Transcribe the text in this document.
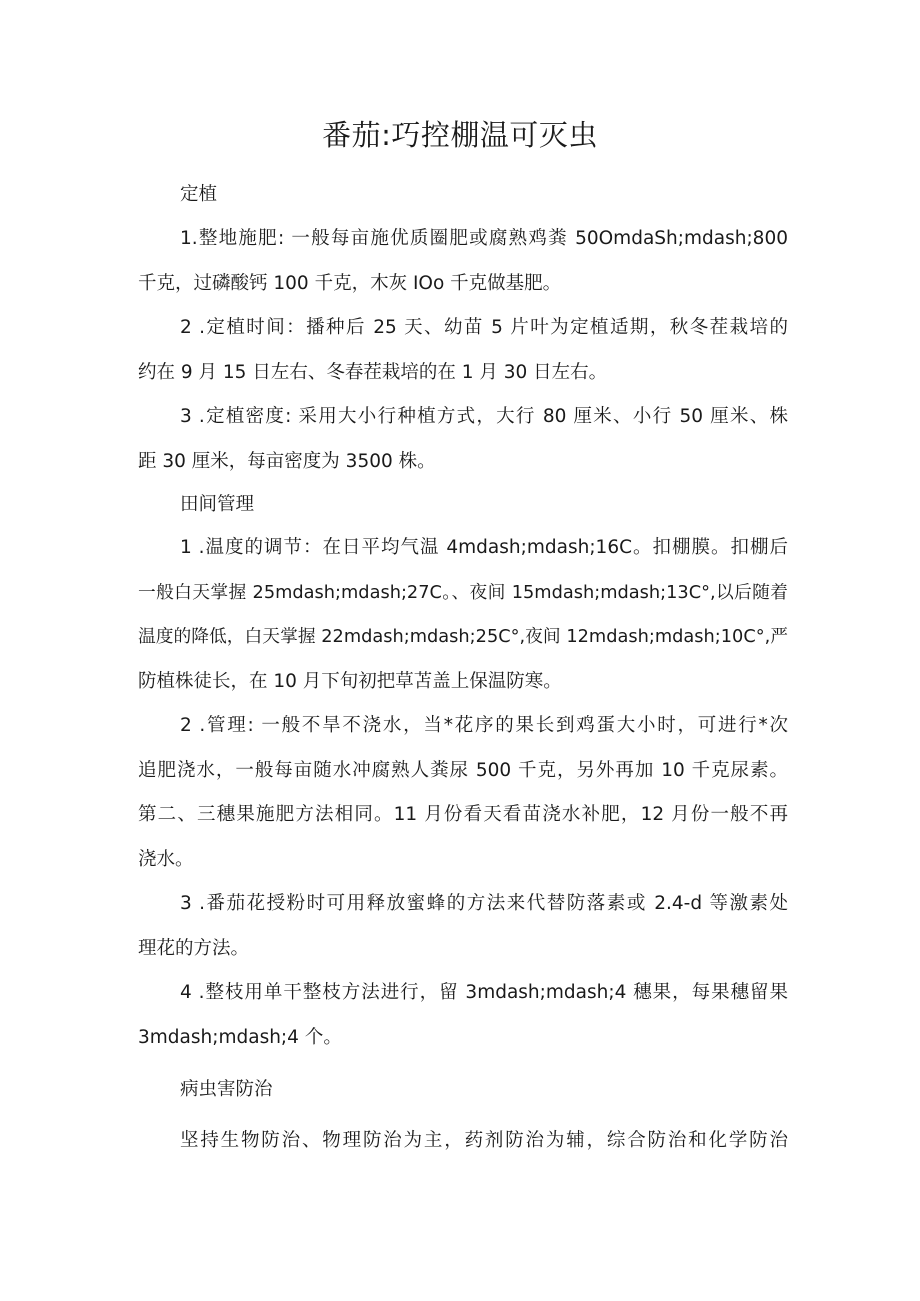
番茄:巧控棚温可灭虫
定植
1.整地施肥: 一般每亩施优质圈肥或腐熟鸡粪 50OmdaSh;mdash;800
千克，过磷酸钙 100 千克，木灰 IOo 千克做基肥。
2 .定植时间：播种后 25 天、幼苗 5 片叶为定植适期，秋冬茬栽培的
约在 9 月 15 日左右、冬春茬栽培的在 1 月 30 日左右。
3 .定植密度: 采用大小行种植方式，大行 80 厘米、小行 50 厘米、株
距 30 厘米，每亩密度为 3500 株。
田间管理
1 .温度的调节：在日平均气温 4mdash;mdash;16C。扣棚膜。扣棚后
一般白天掌握 25mdash;mdash;27C。、夜间 15mdash;mdash;13C°,以后随着
温度的降低，白天掌握 22mdash;mdash;25C°,夜间 12mdash;mdash;10C°,严
防植株徒长，在 10 月下旬初把草苫盖上保温防寒。
2 .管理: 一般不旱不浇水，当*花序的果长到鸡蛋大小时，可进行*次
追肥浇水，一般每亩随水冲腐熟人粪尿 500 千克，另外再加 10 千克尿素。
第二、三穗果施肥方法相同。11 月份看天看苗浇水补肥，12 月份一般不再
浇水。
3 .番茄花授粉时可用释放蜜蜂的方法来代替防落素或 2.4-d 等激素处
理花的方法。
4 .整枝用单干整枝方法进行，留 3mdash;mdash;4 穗果，每果穗留果
3mdash;mdash;4 个。
病虫害防治
坚持生物防治、物理防治为主，药剂防治为辅，综合防治和化学防治
